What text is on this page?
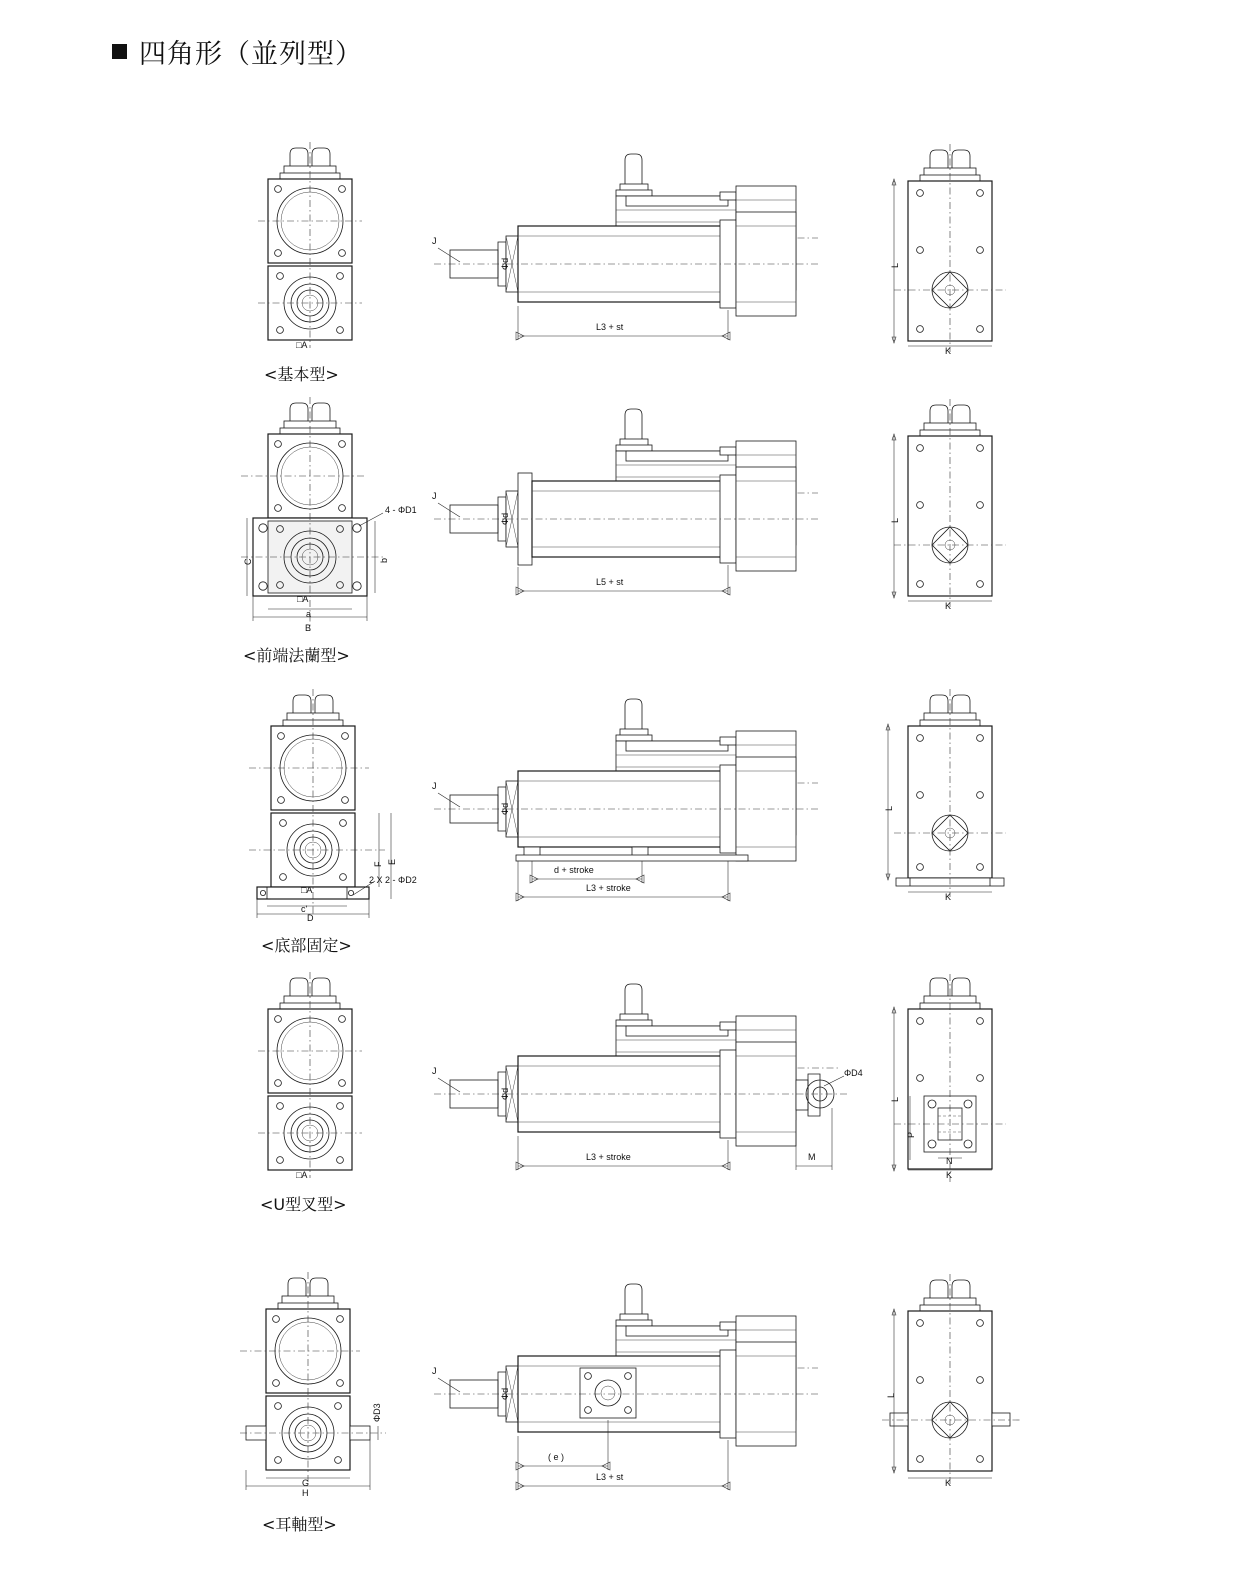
四角形（並列型）
□A
<基本型>
J
Φd
L3 + st
L
K
4 - ΦD1
C	b
□A
a
B
<前端法蘭型>
J
Φd
L5 + st
L
K
E
F
□A
c'
D
2 X 2 - ΦD2
<底部固定>
J
Φd
d + stroke
L3 + stroke
L
K
□A
<U型叉型>
J
Φd
L3 + stroke	M
ΦD4
L
P
N
K
ΦD3
G
H
<耳軸型>
J
Φd
( e )
L3 + st
L
K
